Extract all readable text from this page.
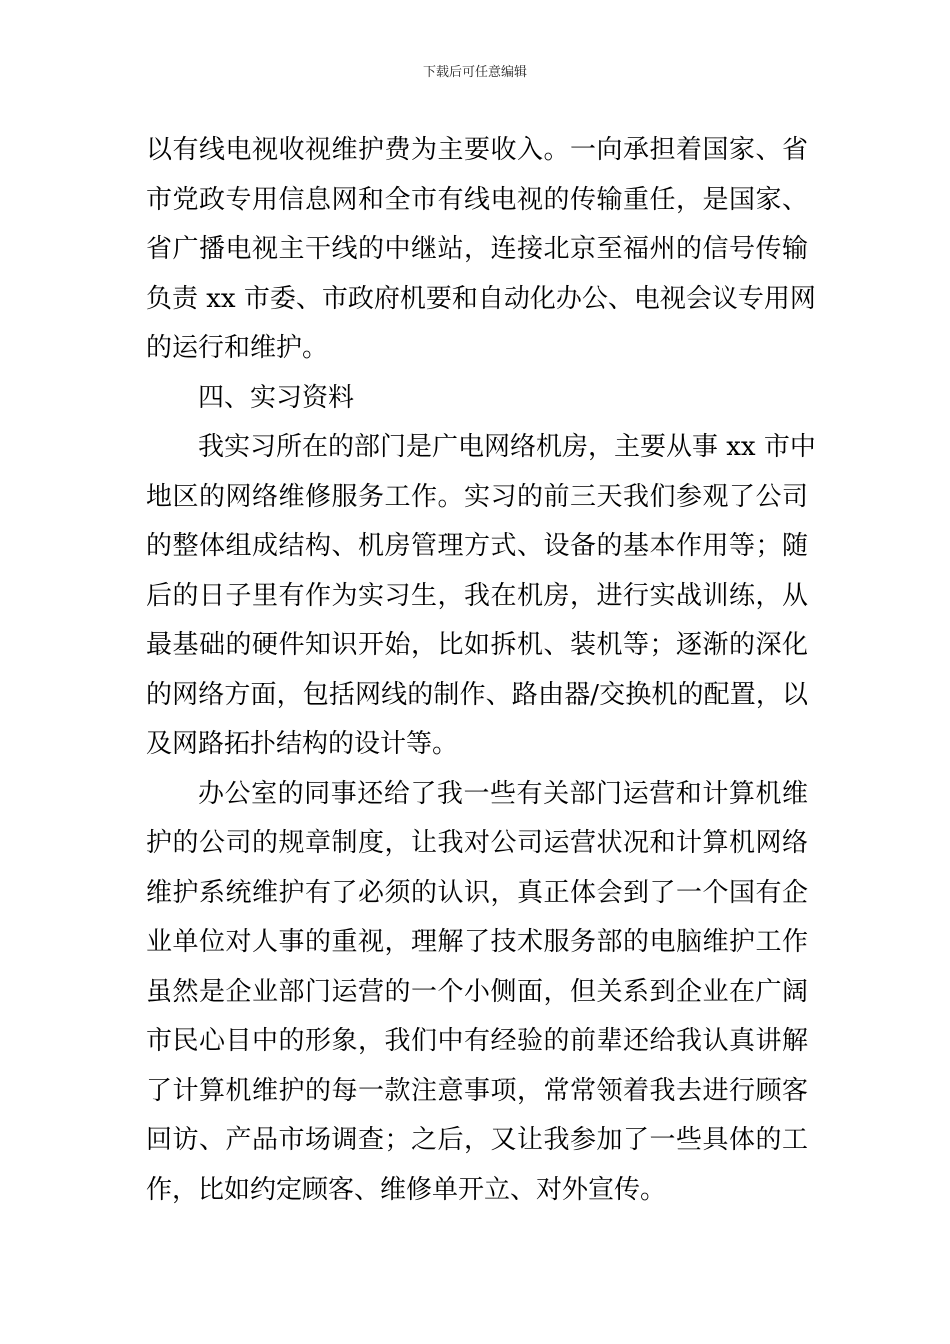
下载后可任意编辑
以有线电视收视维护费为主要收入。一向承担着国家、省
市党政专用信息网和全市有线电视的传输重任，是国家、
省广播电视主干线的中继站，连接北京至福州的信号传输
负责 xx 市委、市政府机要和自动化办公、电视会议专用网
的运行和维护。
四、实习资料
我实习所在的部门是广电网络机房，主要从事 xx 市中
地区的网络维修服务工作。实习的前三天我们参观了公司
的整体组成结构、机房管理方式、设备的基本作用等；随
后的日子里有作为实习生，我在机房，进行实战训练，从
最基础的硬件知识开始，比如拆机、装机等；逐渐的深化
的网络方面，包括网线的制作、路由器/交换机的配置，以
及网路拓扑结构的设计等。
办公室的同事还给了我一些有关部门运营和计算机维
护的公司的规章制度，让我对公司运营状况和计算机网络
维护系统维护有了必须的认识，真正体会到了一个国有企
业单位对人事的重视，理解了技术服务部的电脑维护工作
虽然是企业部门运营的一个小侧面，但关系到企业在广阔
市民心目中的形象，我们中有经验的前辈还给我认真讲解
了计算机维护的每一款注意事项，常常领着我去进行顾客
回访、产品市场调查；之后，又让我参加了一些具体的工
作，比如约定顾客、维修单开立、对外宣传。
